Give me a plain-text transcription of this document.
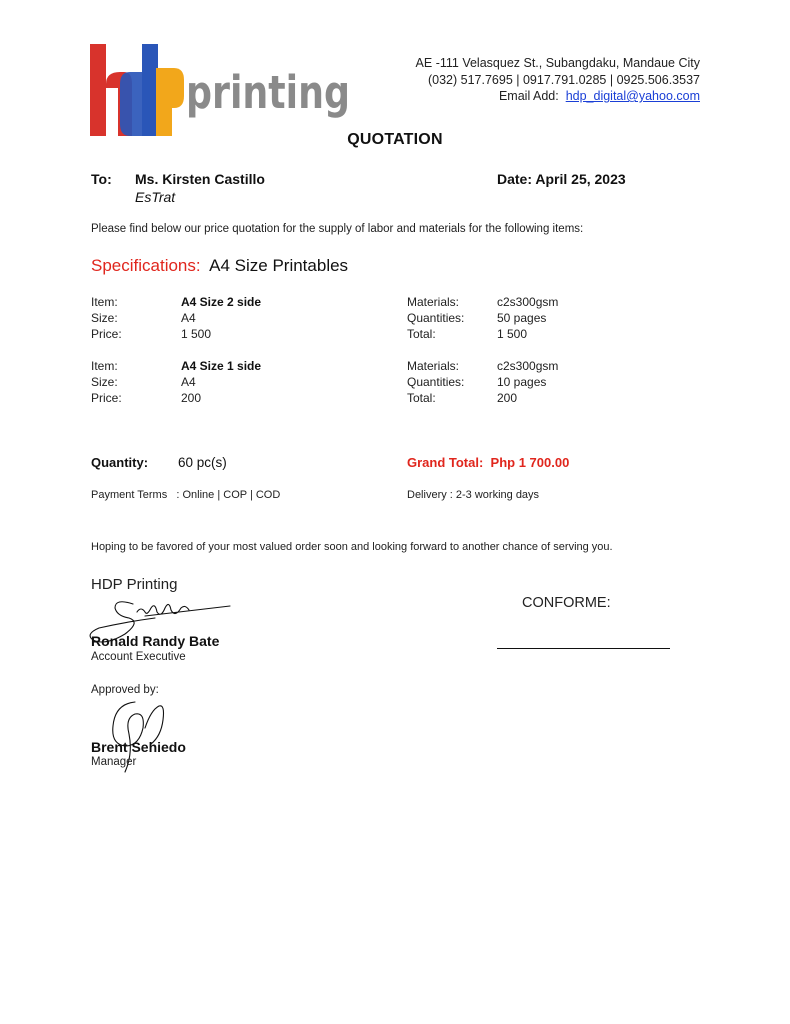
printing
AE -111 Velasquez St., Subangdaku, Mandaue City
(032) 517.7695 | 0917.791.0285 | 0925.506.3537
Email Add: hdp_digital@yahoo.com
QUOTATION
To: Ms. Kirsten Castillo
EsTrat
Date: April 25, 2023
Please find below our price quotation for the supply of labor and materials for the following items:
Specifications: A4 Size Printables
Item:
Size:
Price:
A4 Size 2 side
A4
1 500
Materials:
Quantities:
Total:
c2s300gsm
50 pages
1 500
Item:
Size:
Price:
A4 Size 1 side
A4
200
Materials:
Quantities:
Total:
c2s300gsm
10 pages
200
Quantity: 60 pc(s)	Grand Total: Php 1 700.00
Payment Terms   : Online | COP | COD	Delivery : 2-3 working days
Hoping to be favored of your most valued order soon and looking forward to another chance of serving you.
HDP Printing
Ronald Randy Bate
Account Executive
CONFORME:
Approved by:
Brent Sehiedo
Manager
